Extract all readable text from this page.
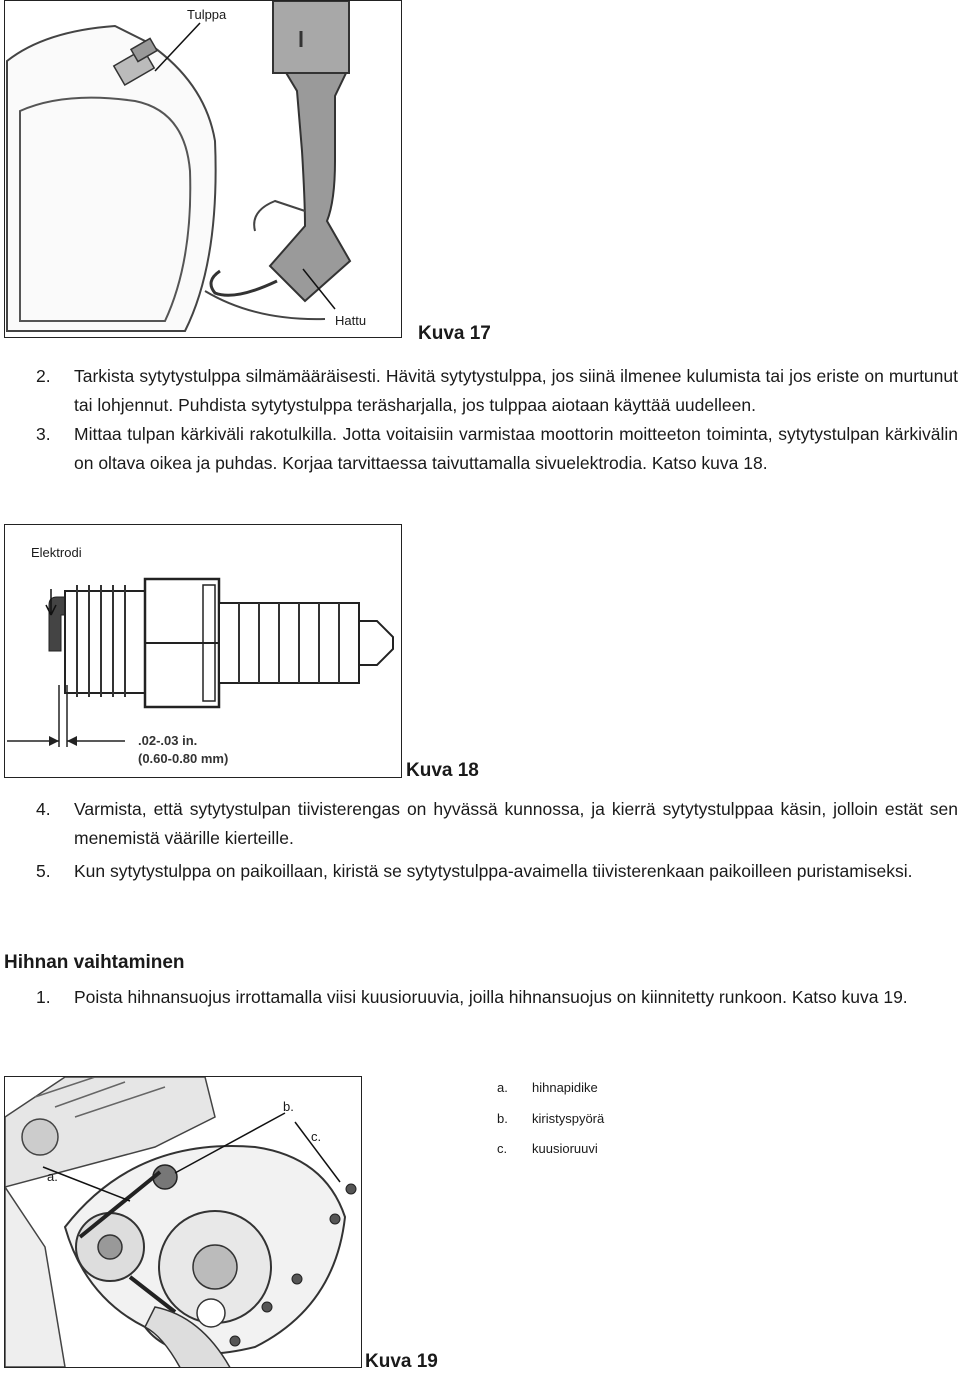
Tulppa
Hattu
Kuva 17
2. Tarkista sytytystulppa silmämääräisesti. Hävitä sytytystulppa, jos siinä ilmenee kulumista tai jos eriste on murtunut tai lohjennut. Puhdista sytytystulppa teräsharjalla, jos tulppaa aiotaan käyttää uudelleen.
3. Mittaa tulpan kärkiväli rakotulkilla. Jotta voitaisiin varmistaa moottorin moitteeton toiminta, sytytystulpan kärkivälin on oltava oikea ja puhdas. Korjaa tarvittaessa taivuttamalla sivuelektrodia. Katso kuva 18.
Elektrodi
.02-.03 in.
(0.60-0.80 mm)
Kuva 18
4. Varmista, että sytytystulpan tiivisterengas on hyvässä kunnossa, ja kierrä sytytystulppaa käsin, jolloin estät sen menemistä väärille kierteille.
5. Kun sytytystulppa on paikoillaan, kiristä se sytytystulppa-avaimella tiivisterenkaan paikoilleen puristamiseksi.
Hihnan vaihtaminen
1. Poista hihnansuojus irrottamalla viisi kuusioruuvia, joilla hihnansuojus on kiinnitetty runkoon. Katso kuva 19.
a.
b.
c.
a. hihnapidike
b. kiristyspyörä
c. kuusioruuvi
Kuva 19
